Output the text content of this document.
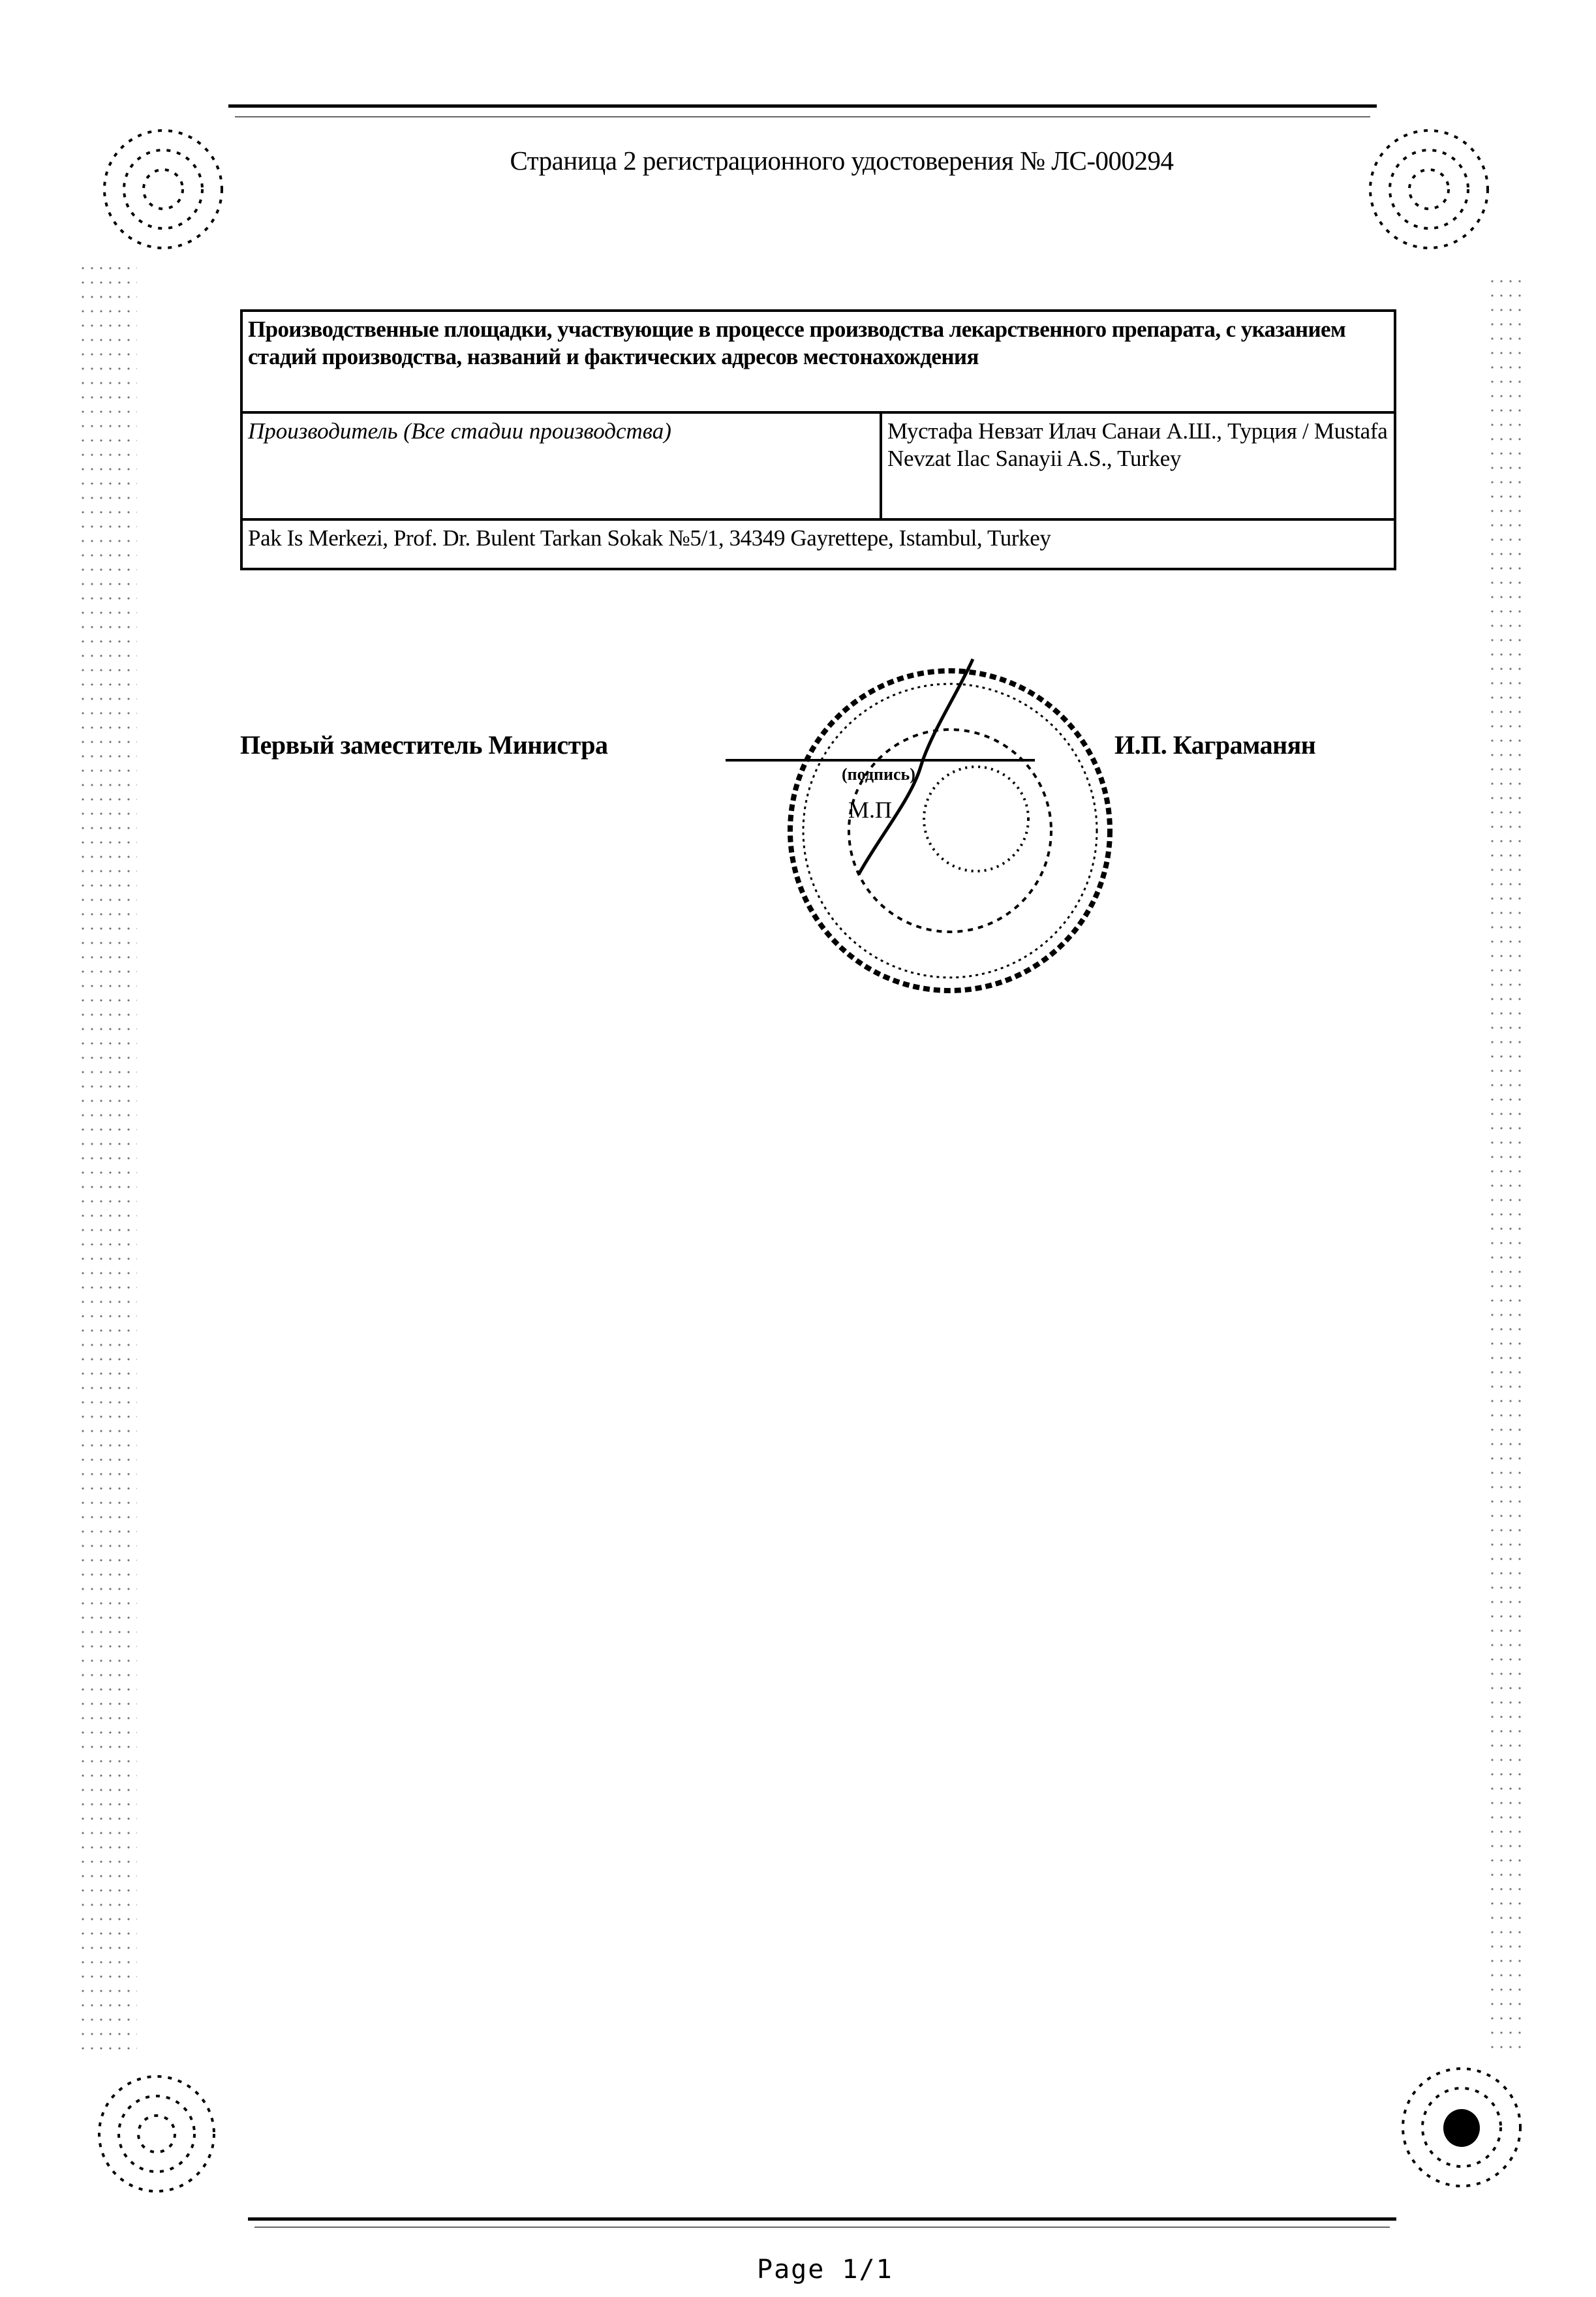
Страница 2 регистрационного удостоверения № ЛС-000294
Производственные площадки, участвующие в процессе производства лекарственного препарата, с указанием стадий производства, названий и фактических адресов местонахождения
Производитель (Все стадии производства)	Мустафа Невзат Илач Санаи А.Ш., Турция / Mustafa Nevzat Ilac Sanayii A.S., Turkey
Pak Is Merkezi, Prof. Dr. Bulent Tarkan Sokak №5/1, 34349 Gayrettepe, Istambul, Turkey
Первый заместитель Министра
(подпись)
М.П.
И.П. Каграманян
Page 1/1
